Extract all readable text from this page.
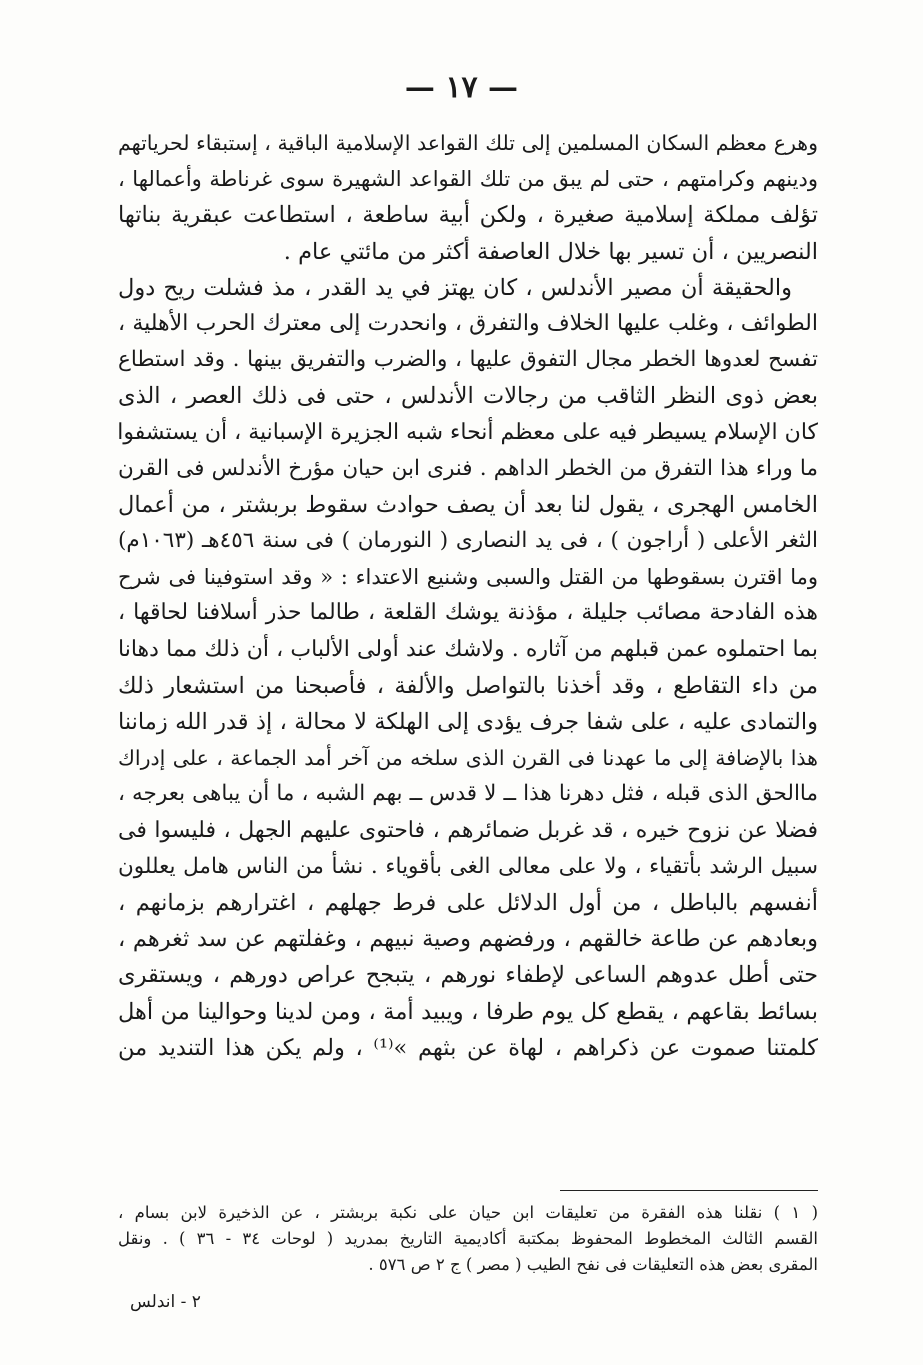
— ١٧ —
وهرع معظم السكان المسلمين إلى تلك القواعد الإسلامية الباقية ، إستبقاء لحرياتهم
ودينهم وكرامتهم ، حتى لم يبق من تلك القواعد الشهيرة سوى غرناطة وأعمالها ،
تؤلف مملكة إسلامية صغيرة ، ولكن أبية ساطعة ، استطاعت عبقرية بناتها
النصريين ، أن تسير بها خلال العاصفة أكثر من مائتي عام .
والحقيقة أن مصير الأندلس ، كان يهتز في يد القدر ، مذ فشلت ريح دول
الطوائف ، وغلب عليها الخلاف والتفرق ، وانحدرت إلى معترك الحرب الأهلية ،
تفسح لعدوها الخطر مجال التفوق عليها ، والضرب والتفريق بينها . وقد استطاع
بعض ذوى النظر الثاقب من رجالات الأندلس ، حتى فى ذلك العصر ، الذى
كان الإسلام يسيطر فيه على معظم أنحاء شبه الجزيرة الإسبانية ، أن يستشفوا
ما وراء هذا التفرق من الخطر الداهم . فنرى ابن حيان مؤرخ الأندلس فى القرن
الخامس الهجرى ، يقول لنا بعد أن يصف حوادث سقوط بربشتر ، من أعمال
الثغر الأعلى ( أراجون ) ، فى يد النصارى ( النورمان ) فى سنة ٤٥٦هـ (١٠٦٣م)
وما اقترن بسقوطها من القتل والسبى وشنيع الاعتداء : « وقد استوفينا فى شرح
هذه الفادحة مصائب جليلة ، مؤذنة يوشك القلعة ، طالما حذر أسلافنا لحاقها ،
بما احتملوه عمن قبلهم من آثاره . ولاشك عند أولى الألباب ، أن ذلك مما دهانا
من داء التقاطع ، وقد أخذنا بالتواصل والألفة ، فأصبحنا من استشعار ذلك
والتمادى عليه ، على شفا جرف يؤدى إلى الهلكة لا محالة ، إذ قدر الله زماننا
هذا بالإضافة إلى ما عهدنا فى القرن الذى سلخه من آخر أمد الجماعة ، على إدراك
ماالحق الذى قبله ، فثل دهرنا هذا ــ لا قدس ــ بهم الشبه ، ما أن يباهى بعرجه ،
فضلا عن نزوح خيره ، قد غربل ضمائرهم ، فاحتوى عليهم الجهل ، فليسوا فى
سبيل الرشد بأتقياء ، ولا على معالى الغى بأقوياء . نشأ من الناس هامل يعللون
أنفسهم بالباطل ، من أول الدلائل على فرط جهلهم ، اغترارهم بزمانهم ،
وبعادهم عن طاعة خالقهم ، ورفضهم وصية نبيهم ، وغفلتهم عن سد ثغرهم ،
حتى أطل عدوهم الساعى لإطفاء نورهم ، يتبجح عراص دورهم ، ويستقرى
بسائط بقاعهم ، يقطع كل يوم طرفا ، ويبيد أمة ، ومن لدينا وحوالينا من أهل
كلمتنا صموت عن ذكراهم ، لهاة عن بثهم »⁽¹⁾ ، ولم يكن هذا التنديد من
( ١ ) نقلنا هذه الفقرة من تعليقات ابن حيان على نكبة بربشتر ، عن الذخيرة لابن بسام ،
القسم الثالث المخطوط المحفوظ بمكتبة أكاديمية التاريخ بمدريد ( لوحات ٣٤ - ٣٦ ) . ونقل
المقرى بعض هذه التعليقات فى نفح الطيب ( مصر ) ج ٢ ص ٥٧٦ .
٢ - اندلس
